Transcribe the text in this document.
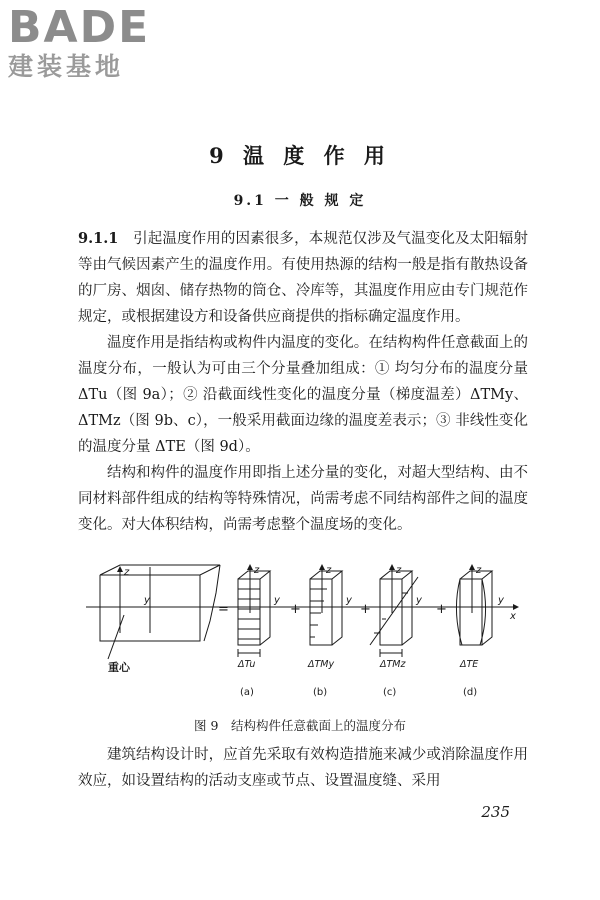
BADE
建装基地
9 温 度 作 用
9.1 一 般 规 定

9.1.1　 引起温度作用的因素很多，本规范仅涉及气温变化及太阳辐射等由气候因素产生的温度作用。有使用热源的结构一般是指有散热设备的厂房、烟囱、储存热物的筒仓、冷库等，其温度作用应由专门规范作规定，或根据建设方和设备供应商提供的指标确定温度作用。

温度作用是指结构或构件内温度的变化。在结构构件任意截面上的温度分布，一般认为可由三个分量叠加组成：① 均匀分布的温度分量ΔTu（图 9a）；② 沿截面线性变化的温度分量（梯度温差）ΔTMy、ΔTMz（图 9b、c），一般采用截面边缘的温度差表示；③ 非线性变化的温度分量 ΔTE（图 9d）。

结构和构件的温度作用即指上述分量的变化，对超大型结构、由不同材料部件组成的结构等特殊情况，尚需考虑不同结构部件之间的温度变化。对大体积结构，尚需考虑整个温度场的变化。

z	z	z	z	z
y	y	y	y	y
x
=	+	+	+
重心	ΔTu	ΔTMy	ΔTMz	ΔTE
(a)	(b)	(c)	(d)
图 9　结构构件任意截面上的温度分布

建筑结构设计时，应首先采取有效构造措施来减少或消除温度作用效应，如设置结构的活动支座或节点、设置温度缝、采用

235
